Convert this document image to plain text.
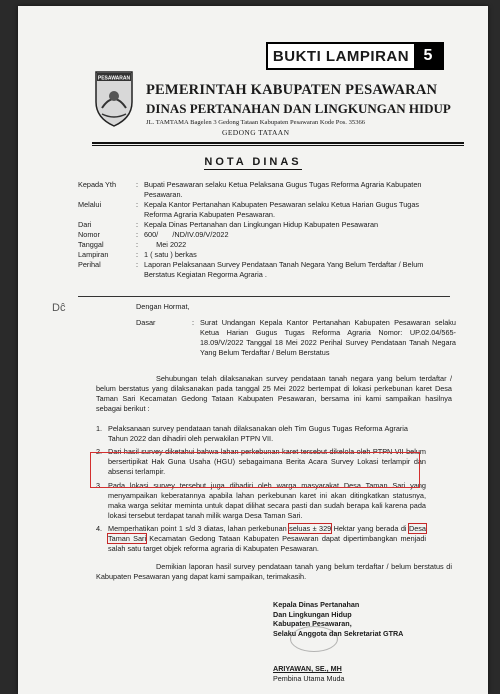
BUKTI LAMPIRAN 5
PESAWARAN
PEMERINTAH KABUPATEN PESAWARAN
DINAS PERTANAHAN DAN LINGKUNGAN HIDUP
JL. TAMTAMA Bagelen 3 Gedong Tataan Kabupaten Pesawaran Kode Pos. 35366
GEDONG TATAAN
NOTA DINAS
Kepada Yth	: Bupati Pesawaran selaku Ketua Pelaksana Gugus Tugas Reforma Agraria Kabupaten Pesawaran.
Melalui	: Kepala Kantor Pertanahan Kabupaten Pesawaran selaku Ketua Harian Gugus Tugas Reforma Agraria Kabupaten Pesawaran.
Dari	: Kepala Dinas Pertanahan dan Lingkungan Hidup Kabupaten Pesawaran
Nomor	: 600/       /ND/IV.09/V/2022
Tanggal	: Mei 2022
Lampiran	: 1 ( satu ) berkas
Perihal	: Laporan Pelaksanaan Survey Pendataan Tanah Negara Yang Belum Terdaftar / Belum Berstatus Kegiatan Regorma Agraria .
Dĉ	Dengan Hormat,
Dasar	: Surat Undangan Kepala Kantor Pertanahan Kabupaten Pesawaran selaku Ketua Harian Gugus Tugas Reforma Agraria Nomor: UP.02.04/565-18.09/V/2022 Tanggal 18 Mei 2022 Perihal Survey Pendataan Tanah Negara Yang Belum Terdaftar / Belum Berstatus
Sehubungan telah dilaksanakan survey pendataan tanah negara yang belum terdaftar / belum berstatus yang dilaksanakan pada tanggal 25 Mei 2022 bertempat di lokasi perkebunan karet Desa Taman Sari Kecamatan Gedong Tataan Kabupaten Pesawaran, bersama ini kami sampaikan hasilnya sebagai berikut :
1. Pelaksanaan survey pendataan tanah dilaksanakan oleh Tim Gugus Tugas Reforma Agraria Tahun 2022 dan dihadiri oleh perwakilan PTPN VII.
2. Dari hasil survey diketahui bahwa lahan perkebunan karet tersebut dikelola oleh PTPN VII belum bersertipikat Hak Guna Usaha (HGU) sebagaimana Berita Acara Survey Lokasi terlampir dan absensi terlampir.
3. Pada lokasi survey tersebut juga dihadiri oleh warga masyarakat Desa Taman Sari yang menyampaikan keberatannya apabila lahan perkebunan karet ini akan ditingkatkan statusnya, maka warga sekitar meminta untuk dapat dilihat secara pasti dan sudah berapa kali karena pada lokasi tersebut terdapat tanah milik warga Desa Taman Sari.
4. Memperhatikan point 1 s/d 3 diatas, lahan perkebunan seluas ± 329 Hektar yang berada di Desa Taman Sari Kecamatan Gedong Tataan Kabupaten Pesawaran dapat dipertimbangkan menjadi salah satu target objek reforma agraria di Kabupaten Pesawaran.
Demikian laporan hasil survey pendataan tanah yang belum terdaftar / belum berstatus di Kabupaten Pesawaran yang dapat kami sampaikan, terimakasih.
Kepala Dinas Pertanahan
Dan Lingkungan Hidup
Kabupaten Pesawaran,
Selaku Anggota dan Sekretariat GTRA
ARIYAWAN, SE., MH
Pembina Utama Muda
